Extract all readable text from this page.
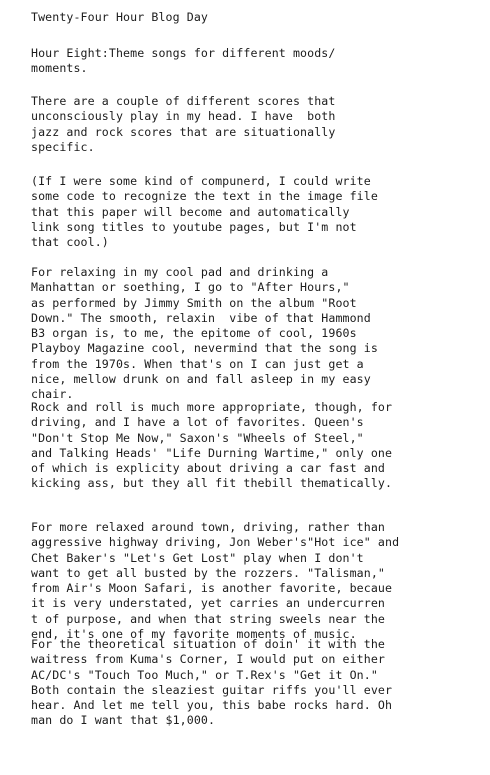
Twenty-Four Hour Blog Day
Hour Eight:Theme songs for different moods/
moments.
There are a couple of different scores that
unconsciously play in my head. I have  both
jazz and rock scores that are situationally
specific.
(If I were some kind of compunerd, I could write
some code to recognize the text in the image file
that this paper will become and automatically
link song titles to youtube pages, but I'm not
that cool.)
For relaxing in my cool pad and drinking a
Manhattan or soething, I go to "After Hours,"
as performed by Jimmy Smith on the album "Root
Down." The smooth, relaxin  vibe of that Hammond
B3 organ is, to me, the epitome of cool, 1960s
Playboy Magazine cool, nevermind that the song is
from the 1970s. When that's on I can just get a
nice, mellow drunk on and fall asleep in my easy
chair.
Rock and roll is much more appropriate, though, for
driving, and I have a lot of favorites. Queen's
"Don't Stop Me Now," Saxon's "Wheels of Steel,"
and Talking Heads' "Life Durning Wartime," only one
of which is explicity about driving a car fast and
kicking ass, but they all fit thebill thematically.
For more relaxed around town, driving, rather than
aggressive highway driving, Jon Weber's"Hot ice" and
Chet Baker's "Let's Get Lost" play when I don't
want to get all busted by the rozzers. "Talisman,"
from Air's Moon Safari, is another favorite, becaue
it is very understated, yet carries an undercurren
t of purpose, and when that string sweels near the
end, it's one of my favorite moments of music.
For the theoretical situation of doin' it with the
waitress from Kuma's Corner, I would put on either
AC/DC's "Touch Too Much," or T.Rex's "Get it On."
Both contain the sleaziest guitar riffs you'll ever
hear. And let me tell you, this babe rocks hard. Oh
man do I want that $1,000.
